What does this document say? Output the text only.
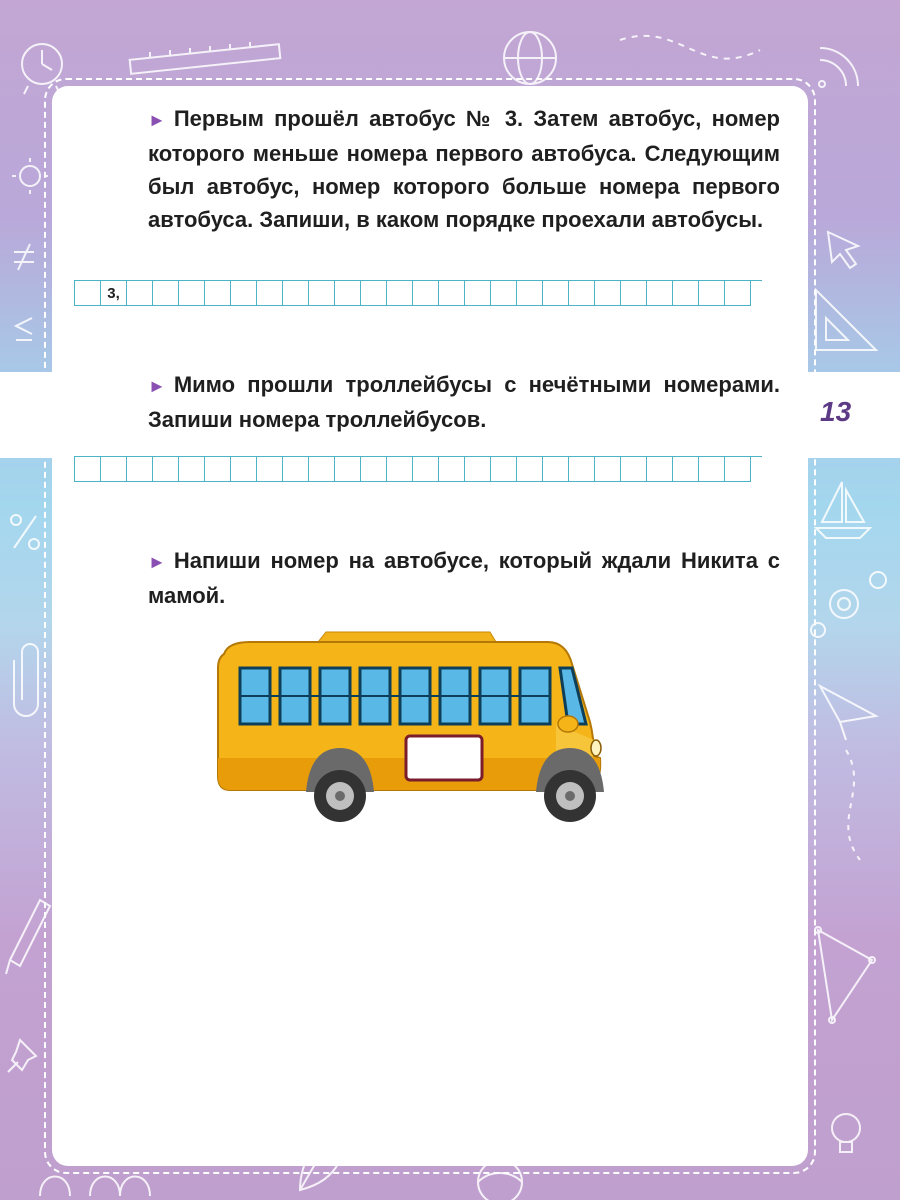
► Первым прошёл автобус № 3. Затем автобус, номер которого меньше номера первого автобуса. Следующим был автобус, номер которого больше номера первого автобуса. Запиши, в каком порядке проехали автобусы.
3,
13
► Мимо прошли троллейбусы с нечётными номерами. Запиши номера троллейбусов.
► Напиши номер на автобусе, который ждали Никита с мамой.
